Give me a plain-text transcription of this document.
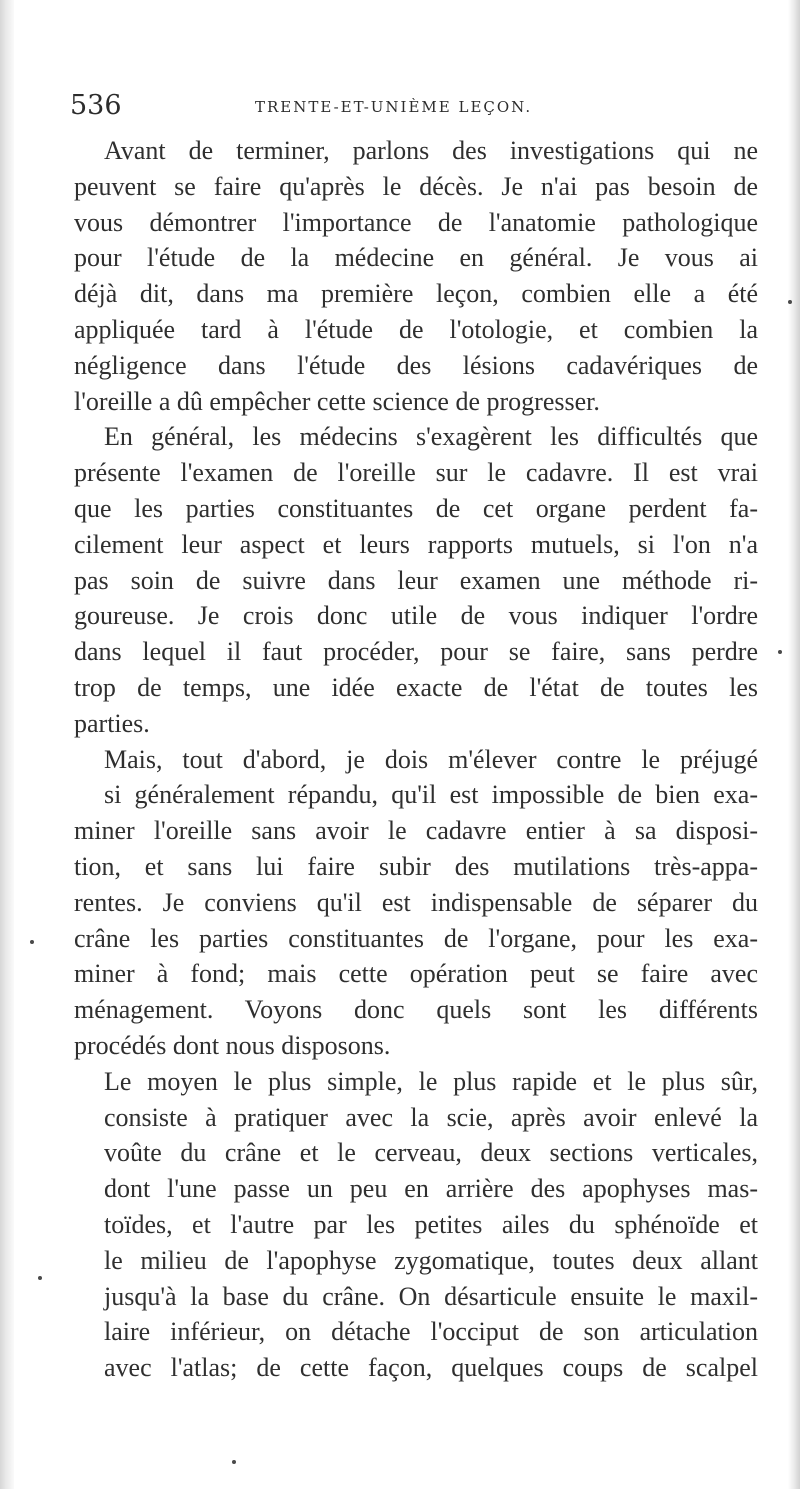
536	TRENTE-ET-UNIÈME LEÇON.
Avant de terminer, parlons des investigations qui ne
peuvent se faire qu'après le décès. Je n'ai pas besoin de
vous démontrer l'importance de l'anatomie pathologique
pour l'étude de la médecine en général. Je vous ai
déjà dit, dans ma première leçon, combien elle a été
appliquée tard à l'étude de l'otologie, et combien la
négligence dans l'étude des lésions cadavériques de
l'oreille a dû empêcher cette science de progresser.
En général, les médecins s'exagèrent les difficultés que
présente l'examen de l'oreille sur le cadavre. Il est vrai
que les parties constituantes de cet organe perdent fa-
cilement leur aspect et leurs rapports mutuels, si l'on n'a
pas soin de suivre dans leur examen une méthode ri-
goureuse. Je crois donc utile de vous indiquer l'ordre
dans lequel il faut procéder, pour se faire, sans perdre
trop de temps, une idée exacte de l'état de toutes les
parties.
Mais, tout d'abord, je dois m'élever contre le préjugé
si généralement répandu, qu'il est impossible de bien exa-
miner l'oreille sans avoir le cadavre entier à sa disposi-
tion, et sans lui faire subir des mutilations très-appa-
rentes. Je conviens qu'il est indispensable de séparer du
crâne les parties constituantes de l'organe, pour les exa-
miner à fond; mais cette opération peut se faire avec
ménagement. Voyons donc quels sont les différents
procédés dont nous disposons.
Le moyen le plus simple, le plus rapide et le plus sûr,
consiste à pratiquer avec la scie, après avoir enlevé la
voûte du crâne et le cerveau, deux sections verticales,
dont l'une passe un peu en arrière des apophyses mas-
toïdes, et l'autre par les petites ailes du sphénoïde et
le milieu de l'apophyse zygomatique, toutes deux allant
jusqu'à la base du crâne. On désarticule ensuite le maxil-
laire inférieur, on détache l'occiput de son articulation
avec l'atlas; de cette façon, quelques coups de scalpel
